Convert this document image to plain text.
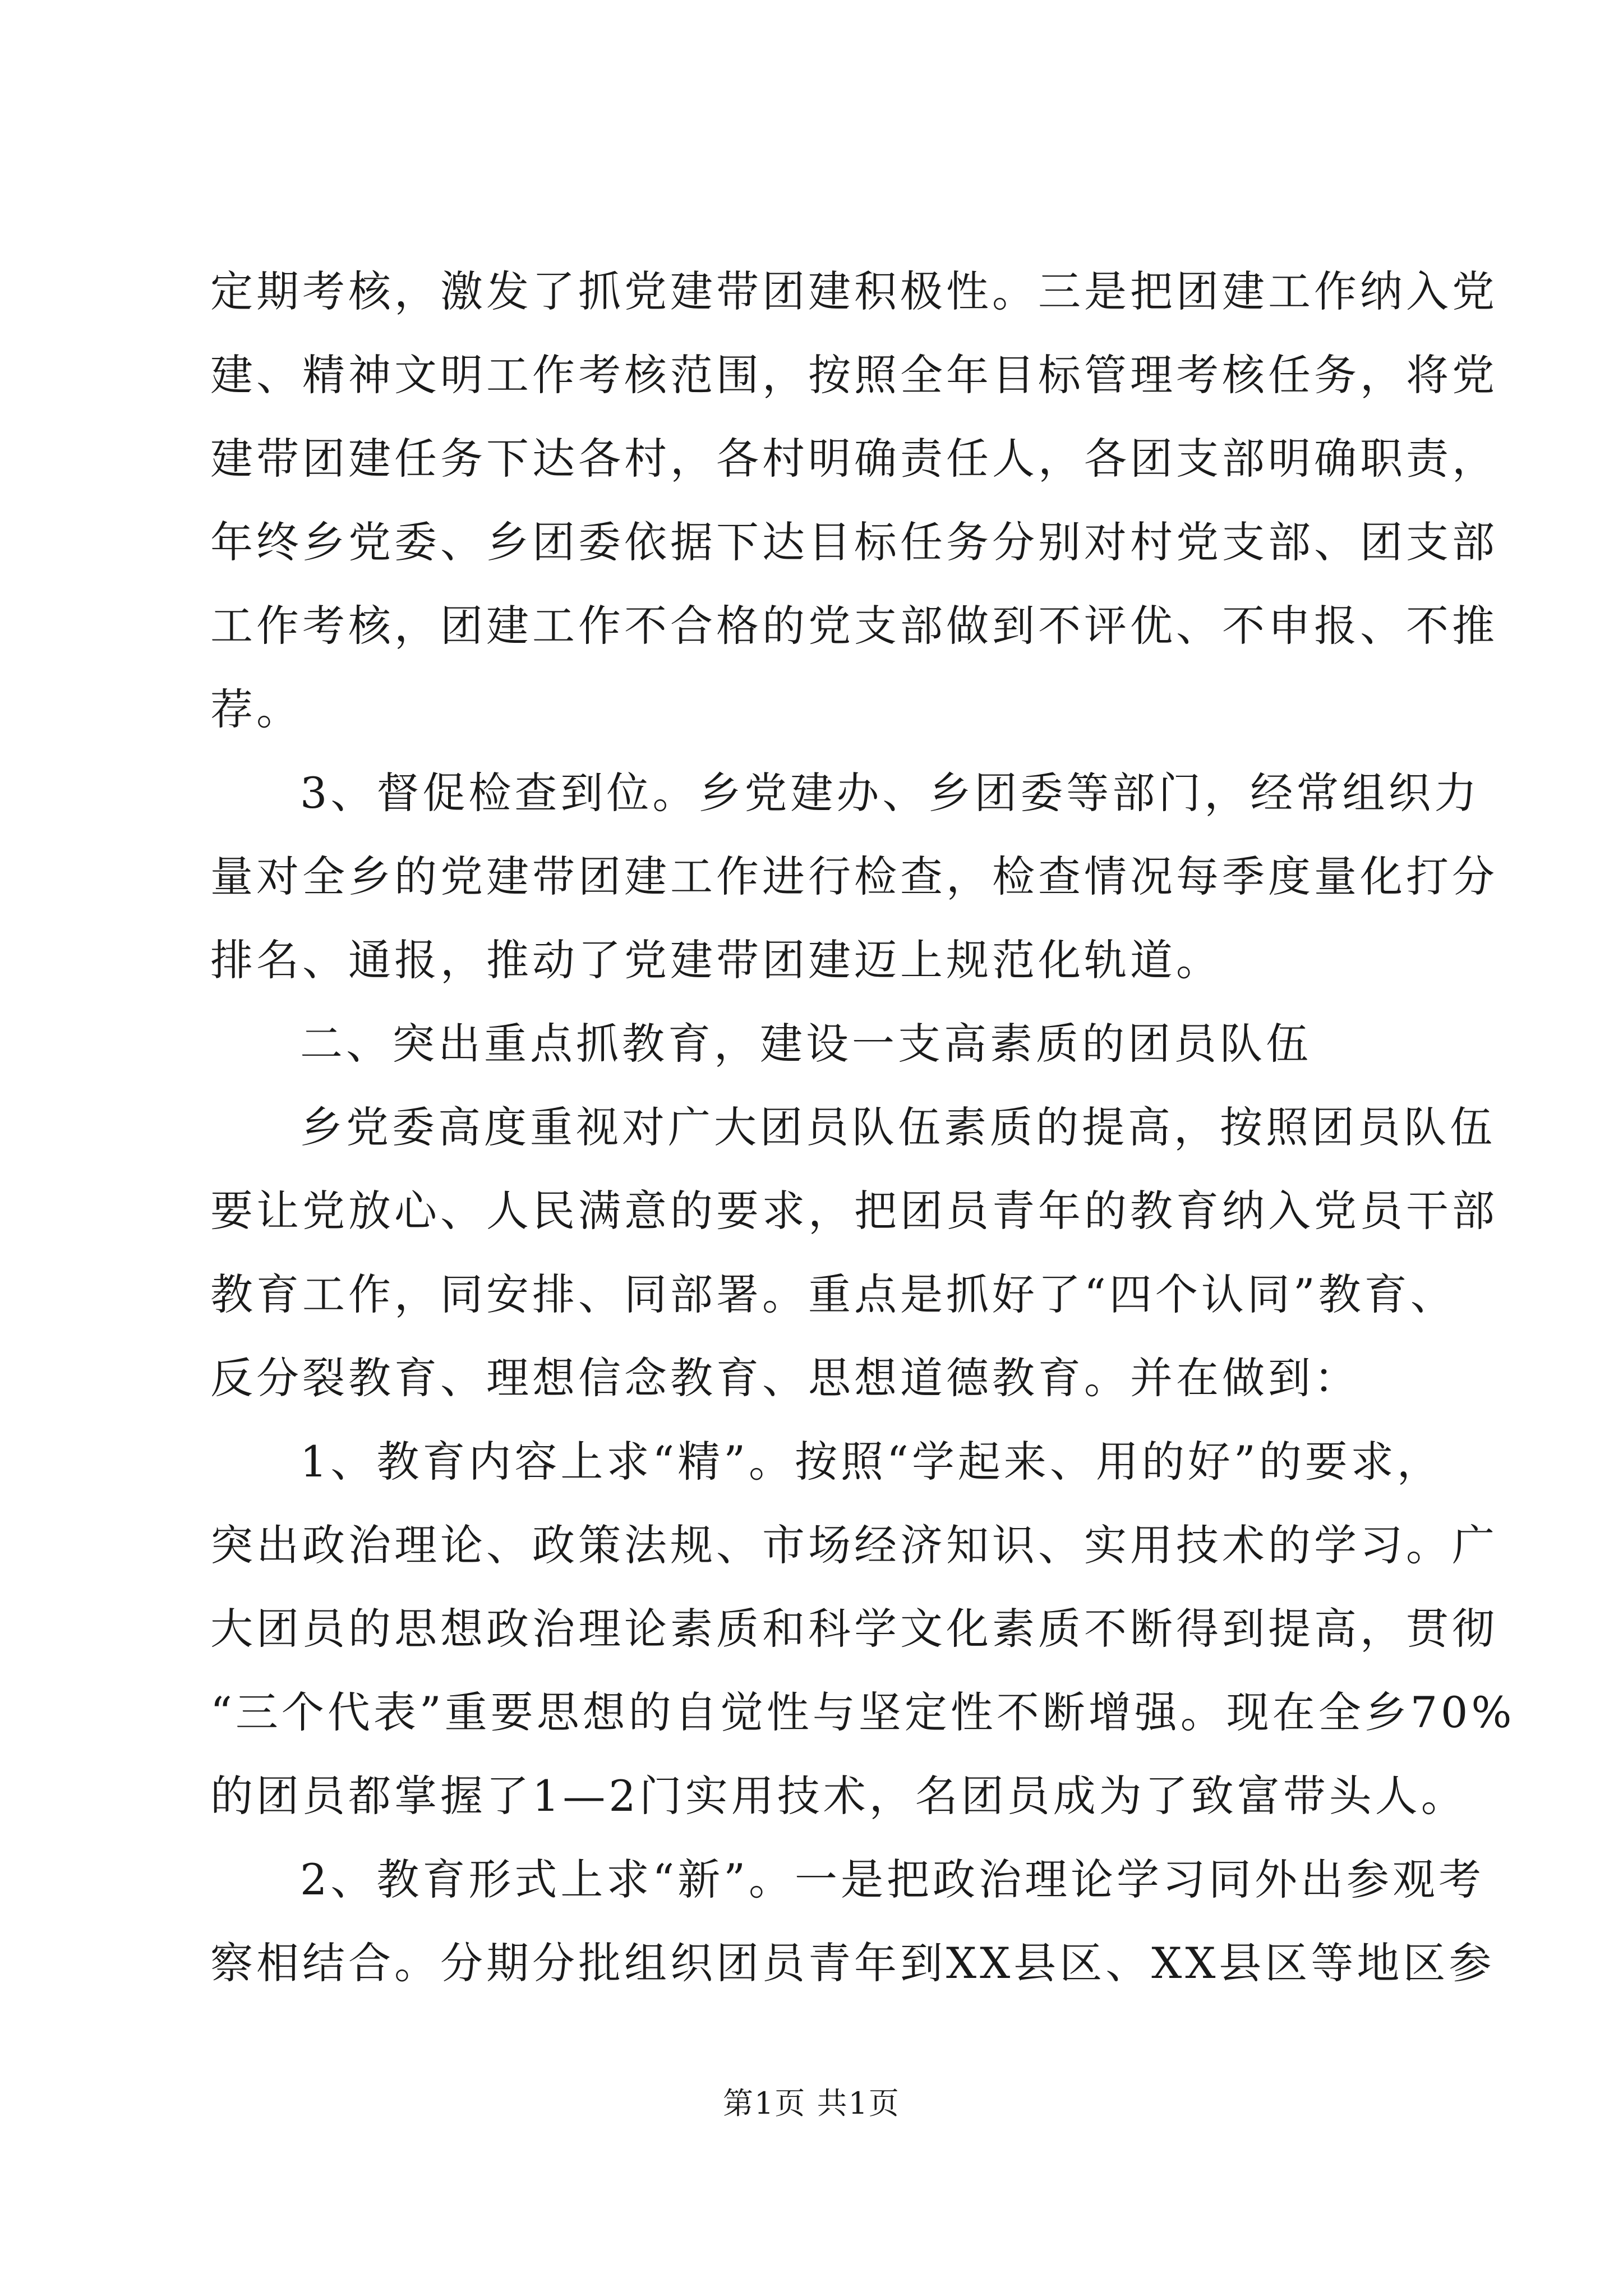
定期考核，激发了抓党建带团建积极性。三是把团建工作纳入党
建、精神文明工作考核范围，按照全年目标管理考核任务，将党
建带团建任务下达各村，各村明确责任人，各团支部明确职责，
年终乡党委、乡团委依据下达目标任务分别对村党支部、团支部
工作考核，团建工作不合格的党支部做到不评优、不申报、不推
荐。
3、督促检查到位。乡党建办、乡团委等部门，经常组织力
量对全乡的党建带团建工作进行检查，检查情况每季度量化打分
排名、通报，推动了党建带团建迈上规范化轨道。
二、突出重点抓教育，建设一支高素质的团员队伍
乡党委高度重视对广大团员队伍素质的提高，按照团员队伍
要让党放心、人民满意的要求，把团员青年的教育纳入党员干部
教育工作，同安排、同部署。重点是抓好了“四个认同”教育、
反分裂教育、理想信念教育、思想道德教育。并在做到：
1、教育内容上求“精”。按照“学起来、用的好”的要求，
突出政治理论、政策法规、市场经济知识、实用技术的学习。广
大团员的思想政治理论素质和科学文化素质不断得到提高，贯彻
“三个代表”重要思想的自觉性与坚定性不断增强。现在全乡70%
的团员都掌握了1—2门实用技术，名团员成为了致富带头人。
2、教育形式上求“新”。一是把政治理论学习同外出参观考
察相结合。分期分批组织团员青年到XX县区、XX县区等地区参
第1页 共1页
